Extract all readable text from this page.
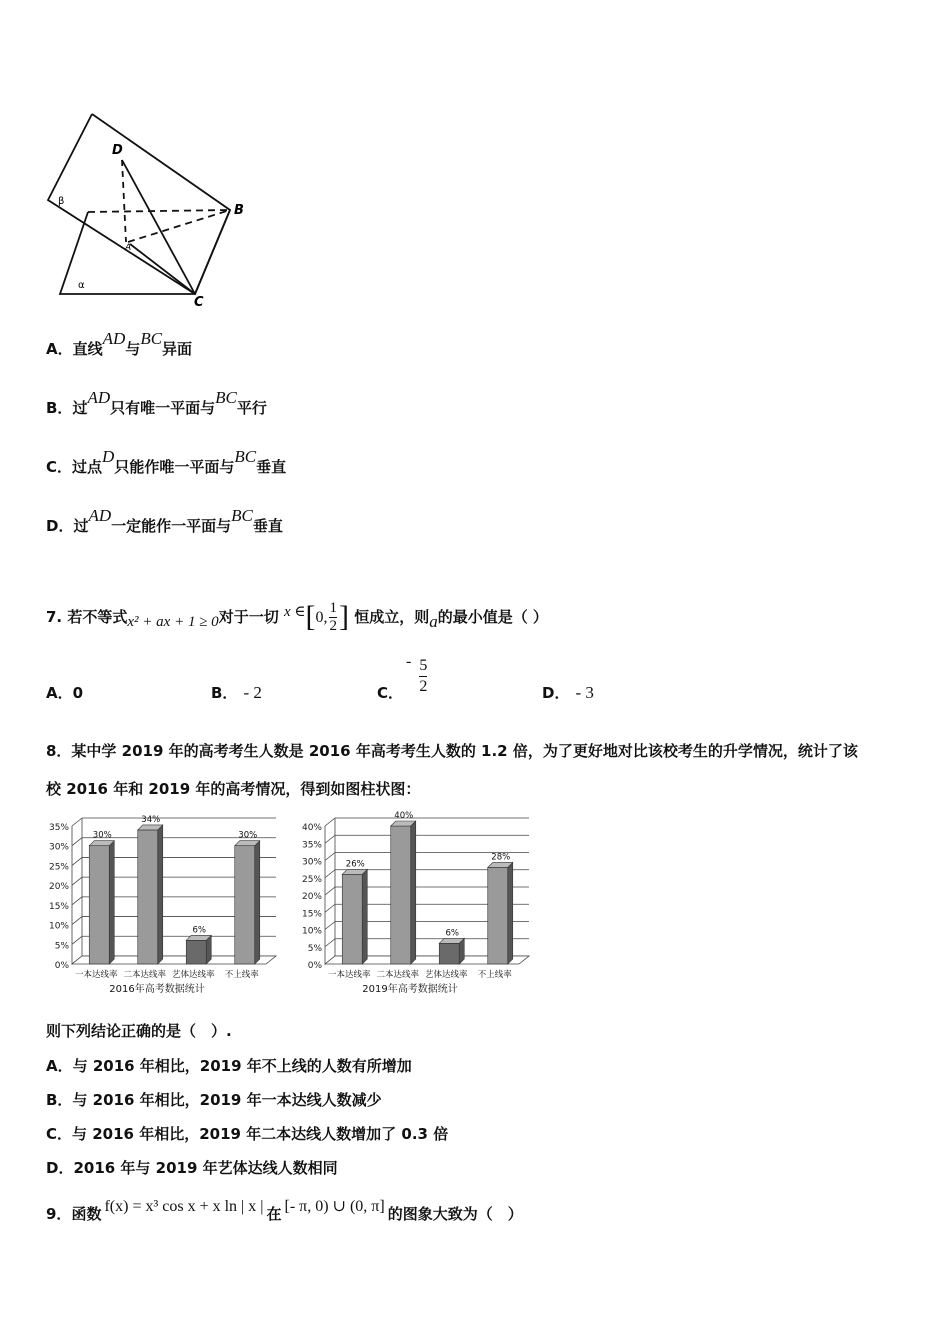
D
B
C
A
β
α
A．直线AD与BC异面
B．过AD只有唯一平面与BC平行
C．过点D只能作唯一平面与BC垂直
D．过AD一定能作一平面与BC垂直
7. 若不等式x² + ax + 1 ≥ 0对于一切 x ∈[0, $\frac{1}{2}$ ] 恒成立，则a的最小值是（ ）
A．0	B． - 2	C．
- $\frac{5}{2}$	D． - 3
8．某中学 2019 年的高考考生人数是 2016 年高考考生人数的 1.2 倍，为了更好地对比该校考生的升学情况，统计了该
校 2016 年和 2019 年的高考情况，得到如图柱状图：
0%
5%
10%
15%
20%
25%
30%
35%
30%
一本达线率
34%
二本达线率
6%
艺体达线率
30%
不上线率
2016年高考数据统计
0%
5%
10%
15%
20%
25%
30%
35%
40%
26%
一本达线率
40%
二本达线率
6%
艺体达线率
28%
不上线率
2019年高考数据统计
则下列结论正确的是（　）.
A．与 2016 年相比，2019 年不上线的人数有所增加
B．与 2016 年相比，2019 年一本达线人数减少
C．与 2016 年相比，2019 年二本达线人数增加了 0.3 倍
D．2016 年与 2019 年艺体达线人数相同
9．函数 f(x) = x³ cos x + x ln | x | 在 [- π, 0) ∪ (0, π] 的图象大致为（　）
